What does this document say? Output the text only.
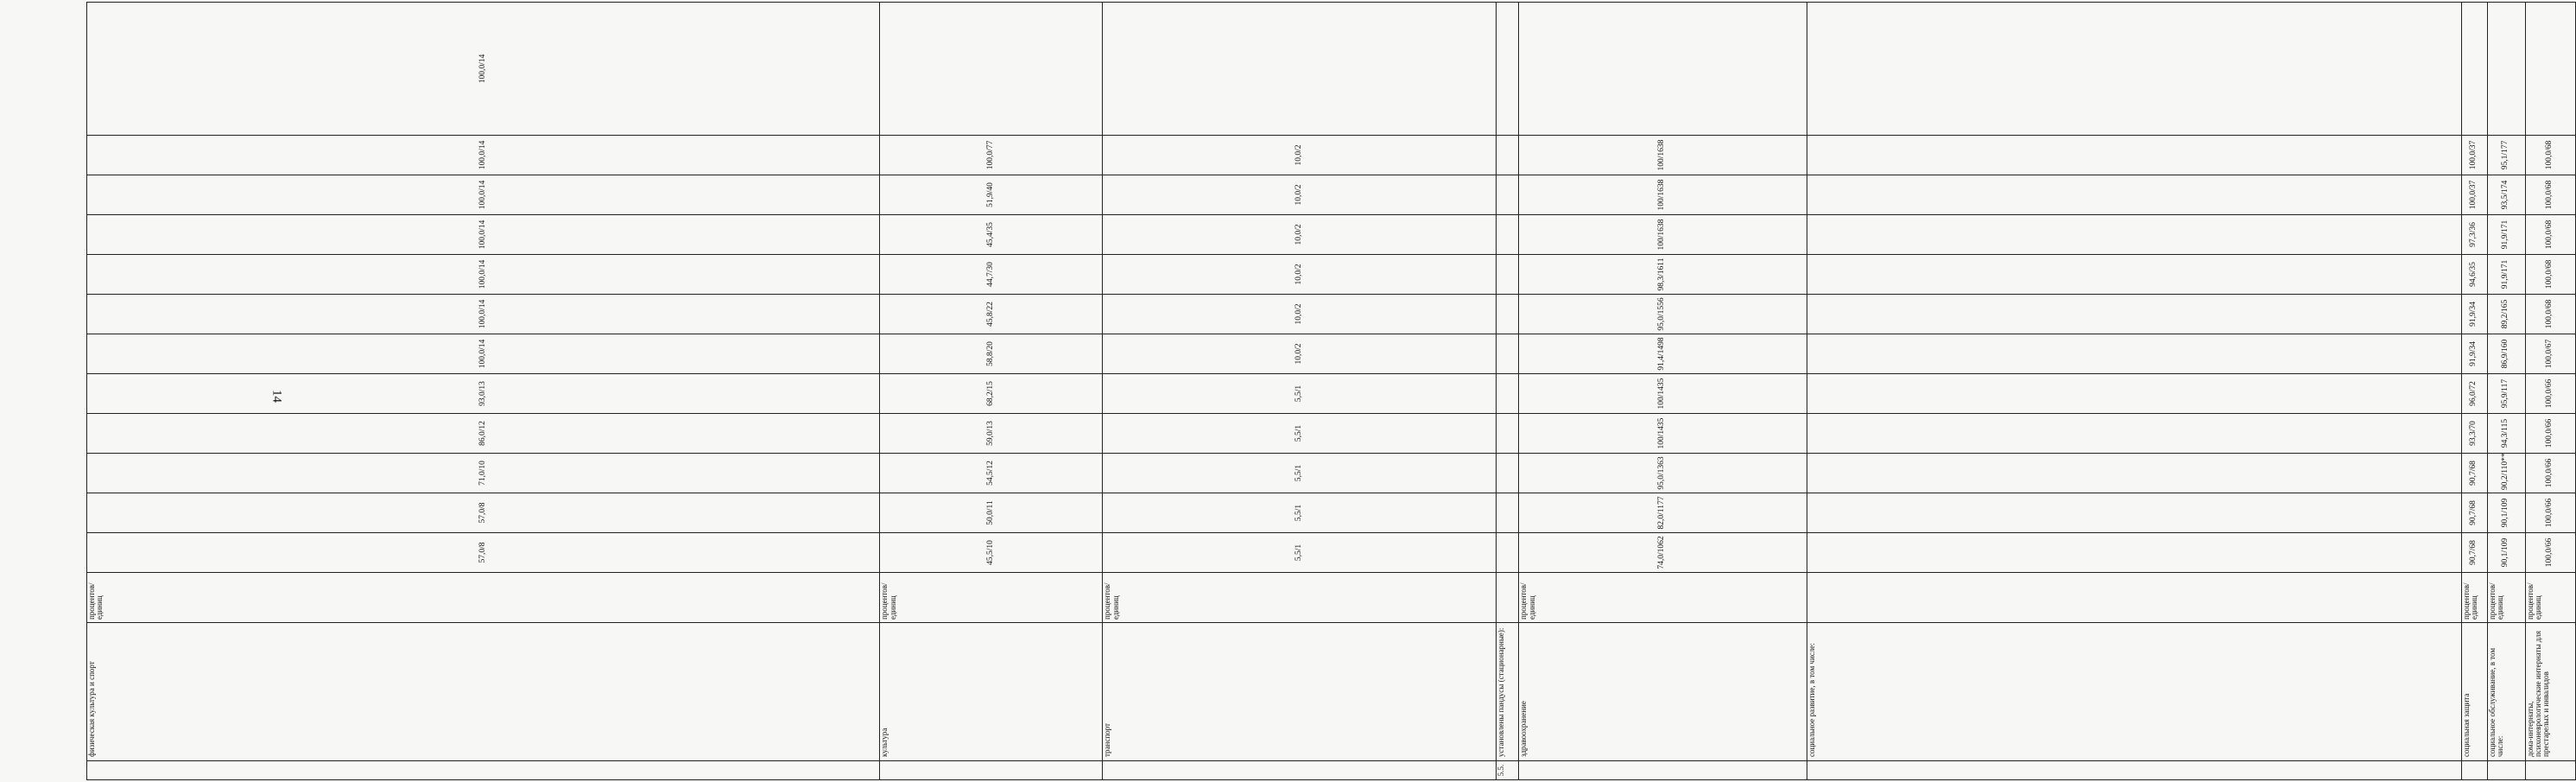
14
	физическая культура и спорт	процентов/ единиц	57,0/8	57,0/8	71,0/10	86,0/12	93,0/13	100,0/14	100,0/14	100,0/14	100,0/14	100,0/14	100,0/14	100,0/14	
	культура	процентов/ единиц	45,5/10	50,0/11	54,5/12	59,0/13	68,2/15	58,8/20	45,8/22	44,7/30	45,4/35	51,9/40	100,0/77		
	транспорт	процентов/ единиц	5,5/1	5,5/1	5,5/1	5,5/1	5,5/1	10,0/2	10,0/2	10,0/2	10,0/2	10,0/2	10,0/2		
5.5.	установлены пандусы (стационарные):														
	здравоохранение	процентов/ единиц	74,0/1062	82,0/1177	95,0/1363	100/1435	100/1435	91,4/1498	95,0/1556	98,3/1611	100/1638	100/1638	100/1638		
	социальное развитие, в том числе:														
	социальная защита	процентов/ единиц	90,7/68	90,7/68	90,7/68	93,3/70	96,0/72	91,9/34	91,9/34	94,6/35	97,3/36	100,0/37	100,0/37		
	социальное обслуживание, в том числе:	процентов/ единиц	90,1/109	90,1/109	90,2/110**	94,3/115	95,9/117	86,9/160	89,2/165	91,9/171	91,9/171	93,5/174	95,1/177		
	дома-интернаты, психоневрологические интернаты для престарелых и инвалидов	процентов/ единиц	100,0/66	100,0/66	100,0/66	100,0/66	100,0/66	100,0/67	100,0/68	100,0/68	100,0/68	100,0/68	100,0/68		
